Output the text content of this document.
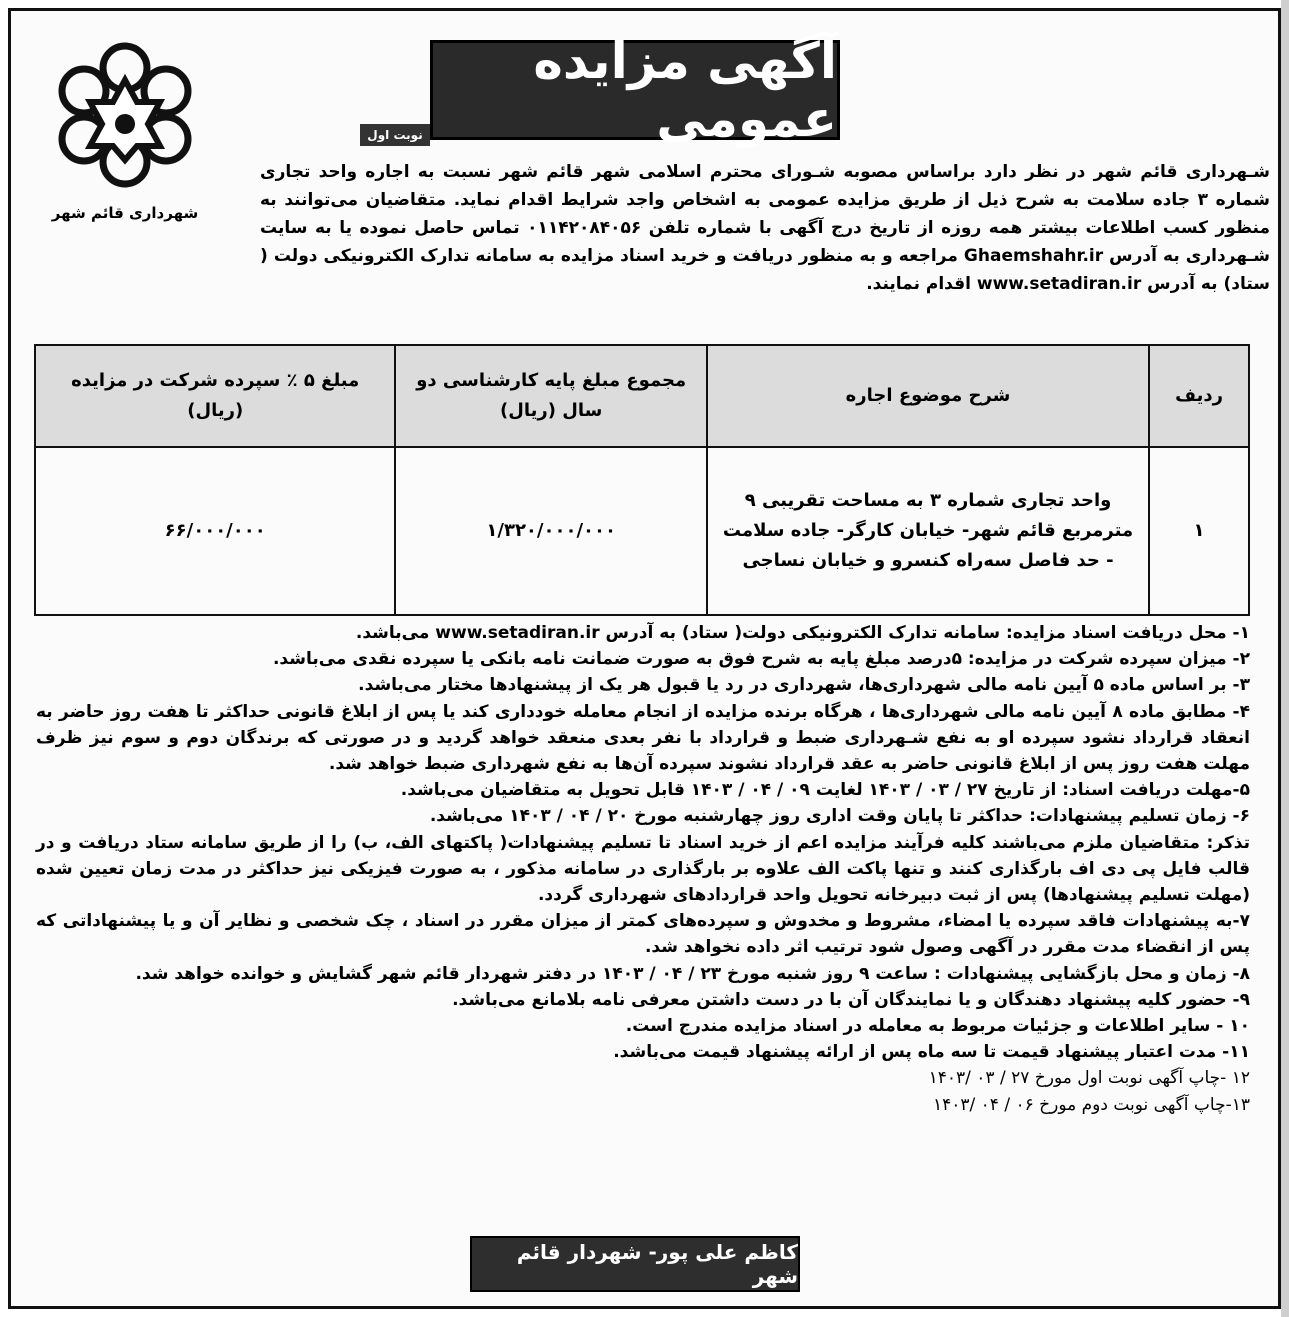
شهرداری قائم شهر
آگهی مزایده عمومی
نوبت اول
شـهرداری قائم شهر در نظر دارد براساس مصوبه شـورای محترم اسلامی شهر قائم شهر نسبت به اجاره واحد تجاری شماره ۳ جاده سلامت به شرح ذیل از طریق مزایده عمومی به اشخاص واجد شرایط اقدام نماید. متقاضیان می‌توانند به منظور کسب اطلاعات بیشتر همه روزه از تاریخ درج آگهی با شماره تلفن ۰۱۱۴۲۰۸۴۰۵۶ تماس حاصل نموده یا به سایت شـهرداری به آدرس Ghaemshahr.ir مراجعه و به منظور دریافت و خرید اسناد مزایده به سامانه تدارک الکترونیکی دولت ( ستاد) به آدرس www.setadiran.ir اقدام نمایند.
ردیف	شرح موضوع اجاره	مجموع مبلغ پایه کارشناسی دو سال (ریال)	مبلغ ۵ ٪ سپرده شرکت در مزایده (ریال)
۱	واحد تجاری شماره ۳ به مساحت تقریبی ۹ مترمربع قائم شهر- خیابان کارگر- جاده سلامت - حد فاصل سه‌راه کنسرو و خیابان نساجی	۱/۳۲۰/۰۰۰/۰۰۰	۶۶/۰۰۰/۰۰۰

۱- محل دریافت اسناد مزایده: سامانه تدارک الکترونیکی دولت( ستاد) به آدرس www.setadiran.ir می‌باشد.

۲- میزان سپرده شرکت در مزایده: ۵درصد مبلغ پایه به شرح فوق به صورت ضمانت نامه بانکی یا سپرده نقدی می‌باشد.

۳- بر اساس ماده ۵ آیین نامه مالی شهرداری‌ها، شهرداری در رد یا قبول هر یک از پیشنهادها مختار می‌باشد.

۴- مطابق ماده ۸ آیین نامه مالی شهرداری‌ها ، هرگاه برنده مزایده از انجام معامله خودداری کند یا پس از ابلاغ قانونی حداکثر تا هفت روز حاضر به انعقاد قرارداد نشود سپرده او به نفع شـهرداری ضبط و قرارداد با نفر بعدی منعقد خواهد گردید و در صورتی که برندگان دوم و سوم نیز ظرف مهلت هفت روز پس از ابلاغ قانونی حاضر به عقد قرارداد نشوند سپرده آن‌ها به نفع شهرداری ضبط خواهد شد.

۵-مهلت دریافت اسناد: از تاریخ ۲۷ / ۰۳ / ۱۴۰۳ لغایت ۰۹ / ۰۴ / ۱۴۰۳ قابل تحویل به متقاضیان می‌باشد.

۶- زمان تسلیم پیشنهادات: حداکثر تا پایان وقت اداری روز چهارشنبه مورخ ۲۰ / ۰۴ / ۱۴۰۳ می‌باشد.

تذکر: متقاضیان ملزم می‌باشند کلیه فرآیند مزایده اعم از خرید اسناد تا تسلیم پیشنهادات( پاکتهای الف، ب) را از طریق سامانه ستاد دریافت و در قالب فایل پی دی اف بارگذاری کنند و تنها پاکت الف علاوه بر بارگذاری در سامانه مذکور ، به صورت فیزیکی نیز حداکثر در مدت زمان تعیین شده (مهلت تسلیم پیشنهادها) پس از ثبت دبیرخانه تحویل واحد قراردادهای شهرداری گردد.

۷-به پیشنهادات فاقد سپرده یا امضاء، مشروط و مخدوش و سپرده‌های کمتر از میزان مقرر در اسناد ، چک شخصی و نظایر آن و یا پیشنهاداتی که پس از انقضاء مدت مقرر در آگهی وصول شود ترتیب اثر داده نخواهد شد.

۸- زمان و محل بازگشایی پیشنهادات : ساعت ۹ روز شنبه مورخ ۲۳ / ۰۴ / ۱۴۰۳ در دفتر شهردار قائم شهر گشایش و خوانده خواهد شد.

۹- حضور کلیه پیشنهاد دهندگان و یا نمایندگان آن با در دست داشتن معرفی نامه بلامانع می‌باشد.

۱۰ - سایر اطلاعات و جزئیات مربوط به معامله در اسناد مزایده مندرج است.

۱۱- مدت اعتبار پیشنهاد قیمت تا سه ماه پس از ارائه پیشنهاد قیمت می‌باشد.

۱۲ -چاپ آگهی نوبت اول مورخ ۲۷ / ۰۳ /۱۴۰۳

۱۳-چاپ آگهی نوبت دوم مورخ ۰۶ / ۰۴ /۱۴۰۳

کاظم علی پور- شهردار قائم شهر
